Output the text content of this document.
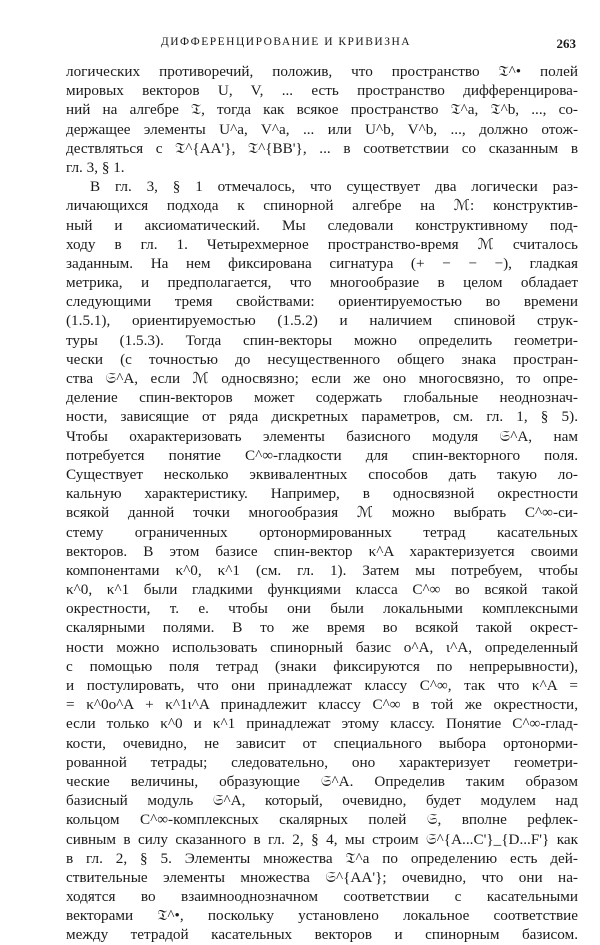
ДИФФЕРЕНЦИРОВАНИЕ И КРИВИЗНА	263
логических противоречий, положив, что пространство 𝔗^• полей
мировых векторов U, V, ... есть пространство дифференцирова-
ний на алгебре 𝔗, тогда как всякое пространство 𝔗^a, 𝔗^b, ..., со-
держащее элементы U^a, V^a, ... или U^b, V^b, ..., должно отож-
дествляться с 𝔗^{AA'}, 𝔗^{BB'}, ... в соответствии со сказанным в
гл. 3, § 1.
В гл. 3, § 1 отмечалось, что существует два логически раз-
личающихся подхода к спинорной алгебре на ℳ: конструктив-
ный и аксиоматический. Мы следовали конструктивному под-
ходу в гл. 1. Четырехмерное пространство-время ℳ считалось
заданным. На нем фиксирована сигнатура (+ − − −), гладкая
метрика, и предполагается, что многообразие в целом обладает
следующими тремя свойствами: ориентируемостью во времени
(1.5.1), ориентируемостью (1.5.2) и наличием спиновой струк-
туры (1.5.3). Тогда спин-векторы можно определить геометри-
чески (с точностью до несущественного общего знака простран-
ства 𝔖^A, если ℳ односвязно; если же оно многосвязно, то опре-
деление спин-векторов может содержать глобальные неоднознач-
ности, зависящие от ряда дискретных параметров, см. гл. 1, § 5).
Чтобы охарактеризовать элементы базисного модуля 𝔖^A, нам
потребуется понятие C^∞-гладкости для спин-векторного поля.
Существует несколько эквивалентных способов дать такую ло-
кальную характеристику. Например, в односвязной окрестности
всякой данной точки многообразия ℳ можно выбрать C^∞-си-
стему ограниченных ортонормированных тетрад касательных
векторов. В этом базисе спин-вектор κ^A характеризуется своими
компонентами κ^0, κ^1 (см. гл. 1). Затем мы потребуем, чтобы
κ^0, κ^1 были гладкими функциями класса C^∞ во всякой такой
окрестности, т. е. чтобы они были локальными комплексными
скалярными полями. В то же время во всякой такой окрест-
ности можно использовать спинорный базис o^A, ι^A, определенный
с помощью поля тетрад (знаки фиксируются по непрерывности),
и постулировать, что они принадлежат классу C^∞, так что κ^A =
= κ^0o^A + κ^1ι^A принадлежит классу C^∞ в той же окрестности,
если только κ^0 и κ^1 принадлежат этому классу. Понятие C^∞-глад-
кости, очевидно, не зависит от специального выбора ортонорми-
рованной тетрады; следовательно, оно характеризует геометри-
ческие величины, образующие 𝔖^A. Определив таким образом
базисный модуль 𝔖^A, который, очевидно, будет модулем над
кольцом C^∞-комплексных скалярных полей 𝔖, вполне рефлек-
сивным в силу сказанного в гл. 2, § 4, мы строим 𝔖^{A...C'}_{D...F'} как
в гл. 2, § 5. Элементы множества 𝔗^a по определению есть дей-
ствительные элементы множества 𝔖^{AA'}; очевидно, что они на-
ходятся во взаимнооднозначном соответствии с касательными
векторами 𝔗^•, поскольку установлено локальное соответствие
между тетрадой касательных векторов и спинорным базисом.
